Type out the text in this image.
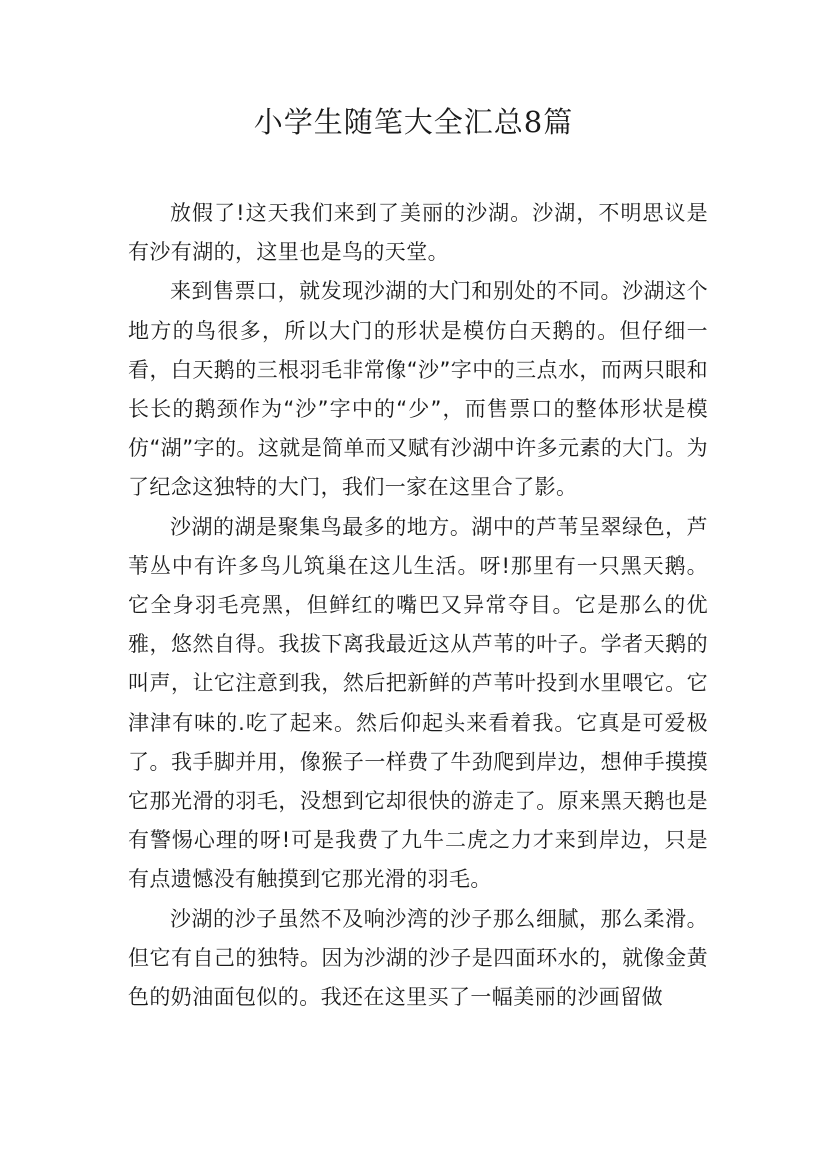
小学生随笔大全汇总8篇

放假了!这天我们来到了美丽的沙湖。沙湖，不明思议是有沙有湖的，这里也是鸟的天堂。

来到售票口，就发现沙湖的大门和别处的不同。沙湖这个地方的鸟很多，所以大门的形状是模仿白天鹅的。但仔细一看，白天鹅的三根羽毛非常像“沙”字中的三点水，而两只眼和长长的鹅颈作为“沙”字中的“少”，而售票口的整体形状是模仿“湖”字的。这就是简单而又赋有沙湖中许多元素的大门。为了纪念这独特的大门，我们一家在这里合了影。

沙湖的湖是聚集鸟最多的地方。湖中的芦苇呈翠绿色，芦苇丛中有许多鸟儿筑巢在这儿生活。呀!那里有一只黑天鹅。它全身羽毛亮黑，但鲜红的嘴巴又异常夺目。它是那么的优雅，悠然自得。我拔下离我最近这从芦苇的叶子。学者天鹅的叫声，让它注意到我，然后把新鲜的芦苇叶投到水里喂它。它津津有味的.吃了起来。然后仰起头来看着我。它真是可爱极了。我手脚并用，像猴子一样费了牛劲爬到岸边，想伸手摸摸它那光滑的羽毛，没想到它却很快的游走了。原来黑天鹅也是有警惕心理的呀!可是我费了九牛二虎之力才来到岸边，只是有点遗憾没有触摸到它那光滑的羽毛。

沙湖的沙子虽然不及响沙湾的沙子那么细腻，那么柔滑。但它有自己的独特。因为沙湖的沙子是四面环水的，就像金黄色的奶油面包似的。我还在这里买了一幅美丽的沙画留做
